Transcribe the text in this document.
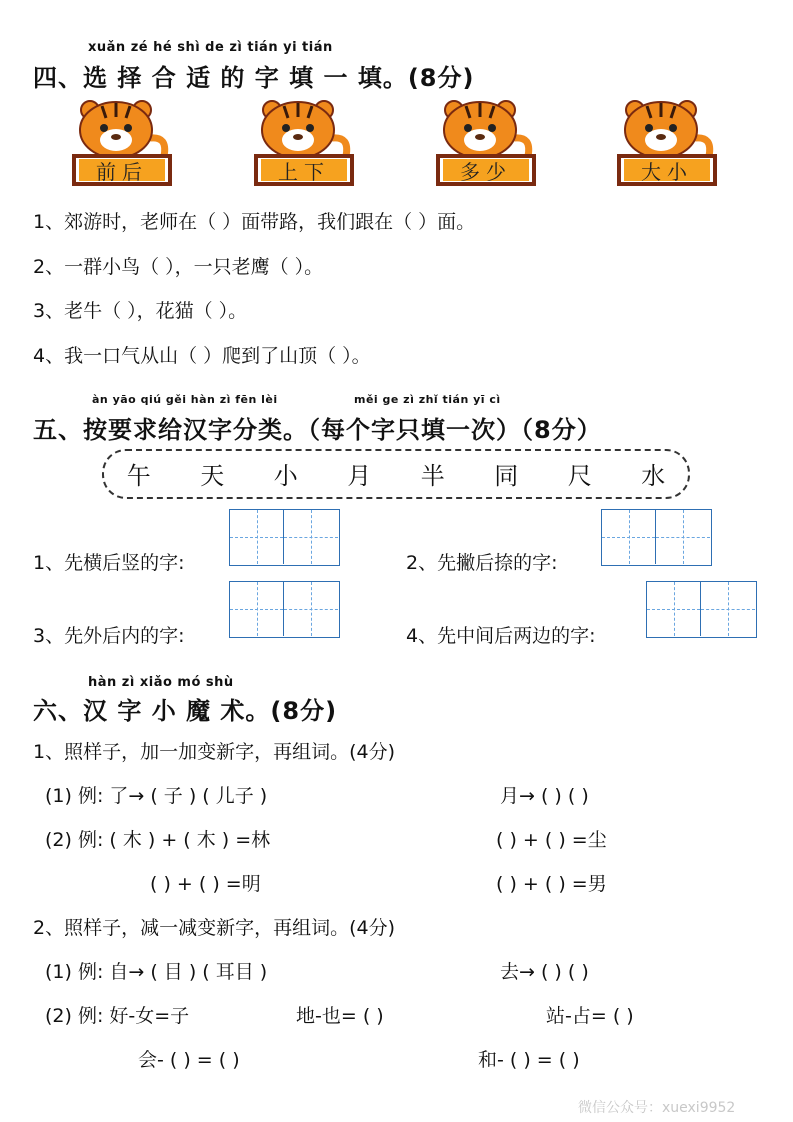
xuǎn zé hé shì de zì tián yi tián
四、选 择 合 适 的 字 填 一 填。(8分)
前后	上下	多少	大小
1、郊游时，老师在（ ）面带路，我们跟在（ ）面。
2、一群小鸟（ ），一只老鹰（ ）。
3、老牛（ ），花猫（ ）。
4、我一口气从山（ ）爬到了山顶（ ）。
àn yāo qiú gěi hàn zì fēn lèi	měi ge zì zhǐ tián yī cì
五、按要求给汉字分类。（每个字只填一次）（8分）
午 天 小 月 半 同 尺 水
1、先横后竖的字:	2、先撇后捺的字:
3、先外后内的字:	4、先中间后两边的字:
hàn zì xiǎo mó shù
六、汉 字 小 魔 术。(8分)
1、照样子，加一加变新字，再组词。(4分)
(1) 例: 了→ ( 子 ) ( 儿子 )	月→ ( ) ( )
(2) 例: ( 木 ) + ( 木 ) =林	( ) + ( ) =尘
( ) + ( ) =明	( ) + ( ) =男
2、照样子，减一减变新字，再组词。(4分)
(1) 例: 自→ ( 目 ) ( 耳目 )	去→ ( ) ( )
(2) 例: 好-女=子	地-也= ( )	站-占= ( )
会- ( ) = ( )	和- ( ) = ( )
微信公众号：xuexi9952
